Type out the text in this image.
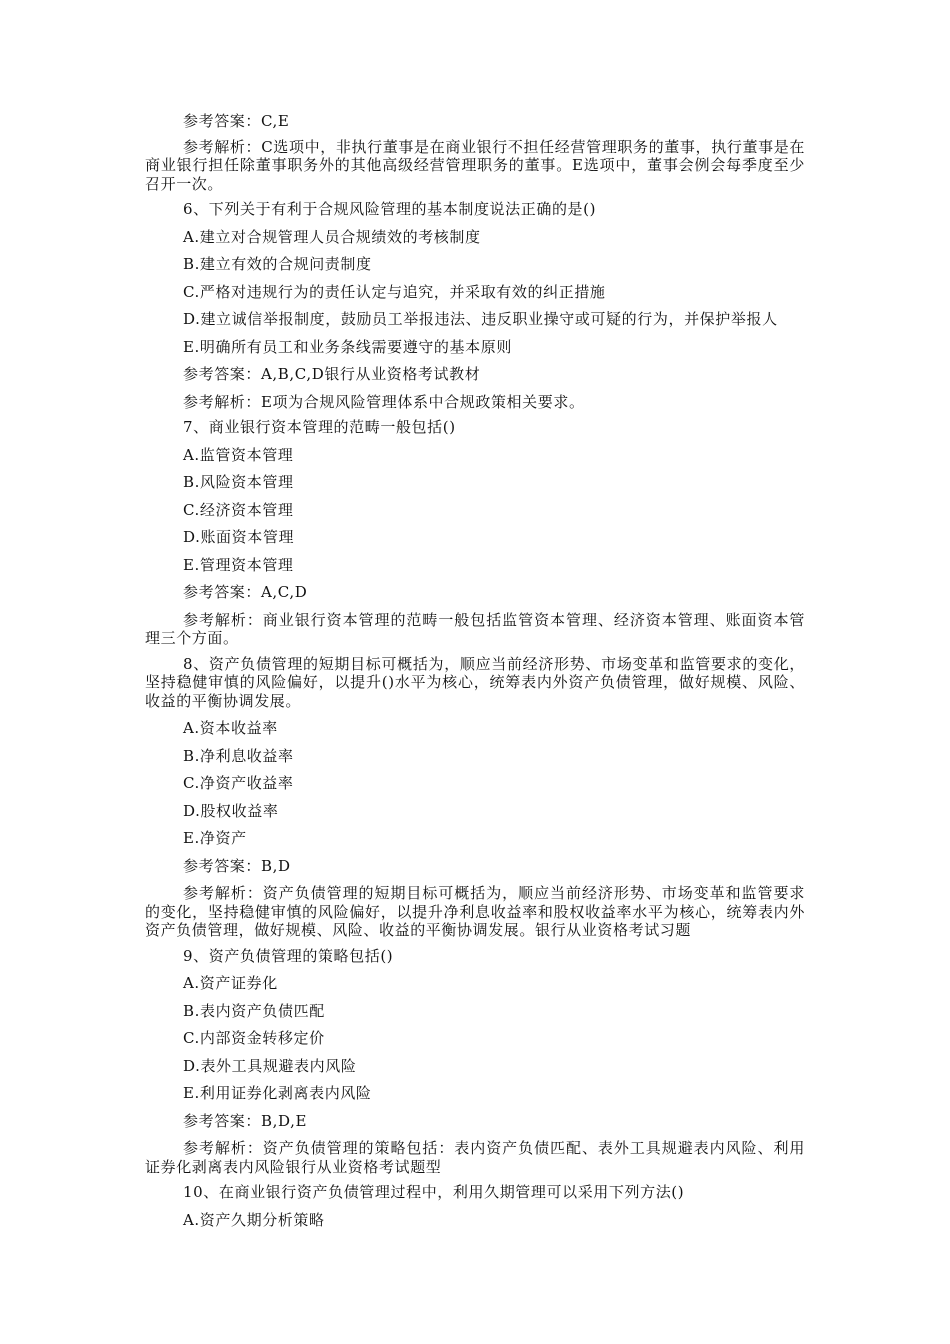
参考答案：C,E

参考解析：C选项中，非执行董事是在商业银行不担任经营管理职务的董事，执行董事是在商业银行担任除董事职务外的其他高级经营管理职务的董事。E选项中，董事会例会每季度至少召开一次。

6、下列关于有利于合规风险管理的基本制度说法正确的是()

A.建立对合规管理人员合规绩效的考核制度

B.建立有效的合规问责制度

C.严格对违规行为的责任认定与追究，并采取有效的纠正措施

D.建立诚信举报制度，鼓励员工举报违法、违反职业操守或可疑的行为，并保护举报人

E.明确所有员工和业务条线需要遵守的基本原则

参考答案：A,B,C,D银行从业资格考试教材

参考解析：E项为合规风险管理体系中合规政策相关要求。

7、商业银行资本管理的范畴一般包括()

A.监管资本管理

B.风险资本管理

C.经济资本管理

D.账面资本管理

E.管理资本管理

参考答案：A,C,D

参考解析：商业银行资本管理的范畴一般包括监管资本管理、经济资本管理、账面资本管理三个方面。

8、资产负债管理的短期目标可概括为，顺应当前经济形势、市场变革和监管要求的变化，坚持稳健审慎的风险偏好，以提升()水平为核心，统筹表内外资产负债管理，做好规模、风险、收益的平衡协调发展。

A.资本收益率

B.净利息收益率

C.净资产收益率

D.股权收益率

E.净资产

参考答案：B,D

参考解析：资产负债管理的短期目标可概括为，顺应当前经济形势、市场变革和监管要求的变化，坚持稳健审慎的风险偏好，以提升净利息收益率和股权收益率水平为核心，统筹表内外资产负债管理，做好规模、风险、收益的平衡协调发展。银行从业资格考试习题

9、资产负债管理的策略包括()

A.资产证券化

B.表内资产负债匹配

C.内部资金转移定价

D.表外工具规避表内风险

E.利用证券化剥离表内风险

参考答案：B,D,E

参考解析：资产负债管理的策略包括：表内资产负债匹配、表外工具规避表内风险、利用证券化剥离表内风险银行从业资格考试题型

10、在商业银行资产负债管理过程中，利用久期管理可以采用下列方法()

A.资产久期分析策略
